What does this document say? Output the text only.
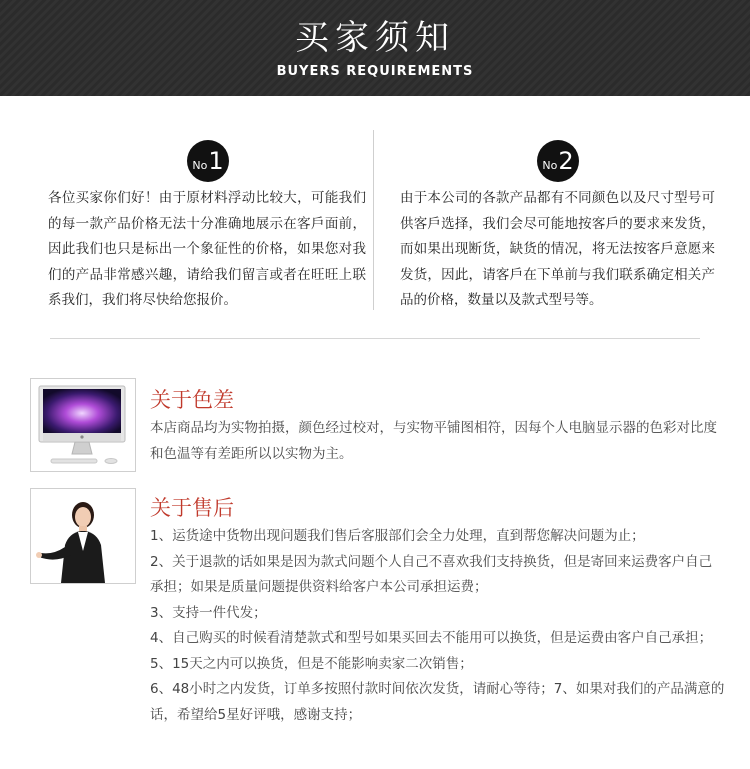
买家须知
BUYERS REQUIREMENTS
No 1

各位买家你们好！由于原材料浮动比较大，可能我们的每一款产品价格无法十分准确地展示在客戶面前，因此我们也只是标出一个象征性的价格，如果您对我们的产品非常感兴趣，请给我们留言或者在旺旺上联系我们，我们将尽快给您报价。

No 2

由于本公司的各款产品都有不同颜色以及尺寸型号可供客戶选择，我们会尽可能地按客戶的要求来发货，而如果出现断货，缺货的情况，将无法按客戶意愿来发货，因此，请客戶在下单前与我们联系确定相关产品的价格，数量以及款式型号等。

关于色差
本店商品均为实物拍摄，颜色经过校对，与实物平铺图相符，因每个人电脑显示器的色彩对比度和色温等有差距所以以实物为主。
关于售后
1、运货途中货物出现问题我们售后客服部们会全力处理，直到帮您解决问题为止；
2、关于退款的话如果是因为款式问题个人自己不喜欢我们支持换货，但是寄回来运费客户自己承担；如果是质量问题提供资料给客户本公司承担运费；
3、支持一件代发；
4、自己购买的时候看清楚款式和型号如果买回去不能用可以换货，但是运费由客户自己承担；
5、15天之内可以换货，但是不能影响卖家二次销售；
6、48小时之内发货，订单多按照付款时间依次发货，请耐心等待；7、如果对我们的产品满意的话，希望给5星好评哦，感谢支持；
